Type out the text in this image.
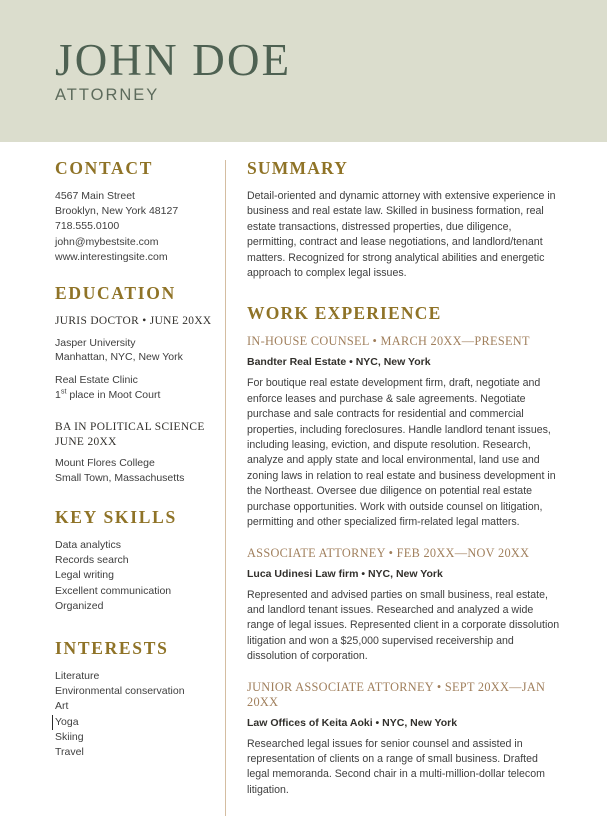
JOHN DOE
ATTORNEY
CONTACT
4567 Main Street
Brooklyn, New York 48127
718.555.0100
john@mybestsite.com
www.interestingsite.com
EDUCATION
JURIS DOCTOR • JUNE 20XX
Jasper University
Manhattan, NYC, New York
Real Estate Clinic
1st place in Moot Court
BA IN POLITICAL SCIENCE
JUNE 20XX
Mount Flores College
Small Town, Massachusetts
KEY SKILLS
Data analytics
Records search
Legal writing
Excellent communication
Organized
INTERESTS
Literature
Environmental conservation
Art
Yoga
Skiing
Travel
SUMMARY

Detail-oriented and dynamic attorney with extensive experience in business and real estate law. Skilled in business formation, real estate transactions, distressed properties, due diligence, permitting, contract and lease negotiations, and landlord/tenant matters. Recognized for strong analytical abilities and energetic approach to complex legal issues.

WORK EXPERIENCE
IN-HOUSE COUNSEL • MARCH 20XX—PRESENT
Bandter Real Estate • NYC, New York

For boutique real estate development firm, draft, negotiate and enforce leases and purchase & sale agreements. Negotiate purchase and sale contracts for residential and commercial properties, including foreclosures. Handle landlord tenant issues, including leasing, eviction, and dispute resolution. Research, analyze and apply state and local environmental, land use and zoning laws in relation to real estate and business development in the Northeast. Oversee due diligence on potential real estate purchase opportunities. Work with outside counsel on litigation, permitting and other specialized firm-related legal matters.

ASSOCIATE ATTORNEY • FEB 20XX—NOV 20XX
Luca Udinesi Law firm • NYC, New York

Represented and advised parties on small business, real estate, and landlord tenant issues. Researched and analyzed a wide range of legal issues. Represented client in a corporate dissolution litigation and won a $25,000 supervised receivership and dissolution of corporation.

JUNIOR ASSOCIATE ATTORNEY • SEPT 20XX—JAN 20XX
Law Offices of Keita Aoki • NYC, New York

Researched legal issues for senior counsel and assisted in representation of clients on a range of small business. Drafted legal memoranda. Second chair in a multi-million-dollar telecom litigation.
